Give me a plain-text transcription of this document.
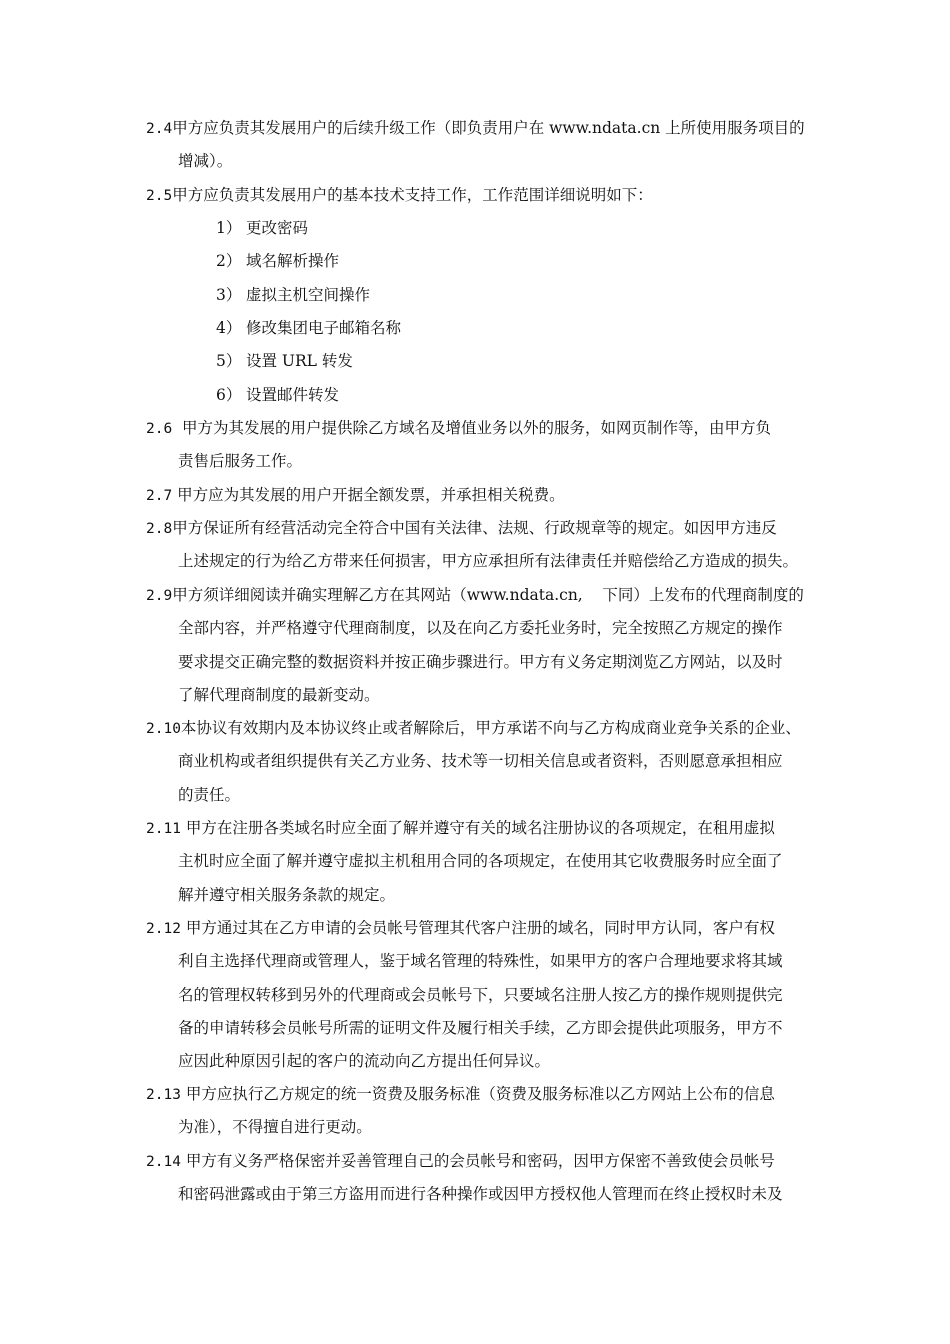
2.4甲方应负责其发展用户的后续升级工作（即负责用户在 www.ndata.cn 上所使用服务项目的
增减）。

2.5甲方应负责其发展用户的基本技术支持工作，工作范围详细说明如下：

1） 更改密码
2） 域名解析操作
3） 虚拟主机空间操作
4） 修改集团电子邮箱名称
5） 设置 URL 转发
6） 设置邮件转发

2.6  甲方为其发展的用户提供除乙方域名及增值业务以外的服务，如网页制作等，由甲方负
责售后服务工作。

2.7 甲方应为其发展的用户开据全额发票，并承担相关税费。

2.8甲方保证所有经营活动完全符合中国有关法律、法规、行政规章等的规定。如因甲方违反
上述规定的行为给乙方带来任何损害，甲方应承担所有法律责任并赔偿给乙方造成的损失。

2.9甲方须详细阅读并确实理解乙方在其网站（www.ndata.cn,    下同）上发布的代理商制度的
全部内容，并严格遵守代理商制度，以及在向乙方委托业务时，完全按照乙方规定的操作
要求提交正确完整的数据资料并按正确步骤进行。甲方有义务定期浏览乙方网站，以及时
了解代理商制度的最新变动。

2.10本协议有效期内及本协议终止或者解除后，甲方承诺不向与乙方构成商业竞争关系的企业、
商业机构或者组织提供有关乙方业务、技术等一切相关信息或者资料，否则愿意承担相应
的责任。

2.11 甲方在注册各类域名时应全面了解并遵守有关的域名注册协议的各项规定，在租用虚拟
主机时应全面了解并遵守虚拟主机租用合同的各项规定，在使用其它收费服务时应全面了
解并遵守相关服务条款的规定。

2.12 甲方通过其在乙方申请的会员帐号管理其代客户注册的域名，同时甲方认同，客户有权
利自主选择代理商或管理人，鉴于域名管理的特殊性，如果甲方的客户合理地要求将其域
名的管理权转移到另外的代理商或会员帐号下，只要域名注册人按乙方的操作规则提供完
备的申请转移会员帐号所需的证明文件及履行相关手续，乙方即会提供此项服务，甲方不
应因此种原因引起的客户的流动向乙方提出任何异议。

2.13 甲方应执行乙方规定的统一资费及服务标准（资费及服务标准以乙方网站上公布的信息
为准），不得擅自进行更动。

2.14 甲方有义务严格保密并妥善管理自己的会员帐号和密码，因甲方保密不善致使会员帐号
和密码泄露或由于第三方盗用而进行各种操作或因甲方授权他人管理而在终止授权时未及
